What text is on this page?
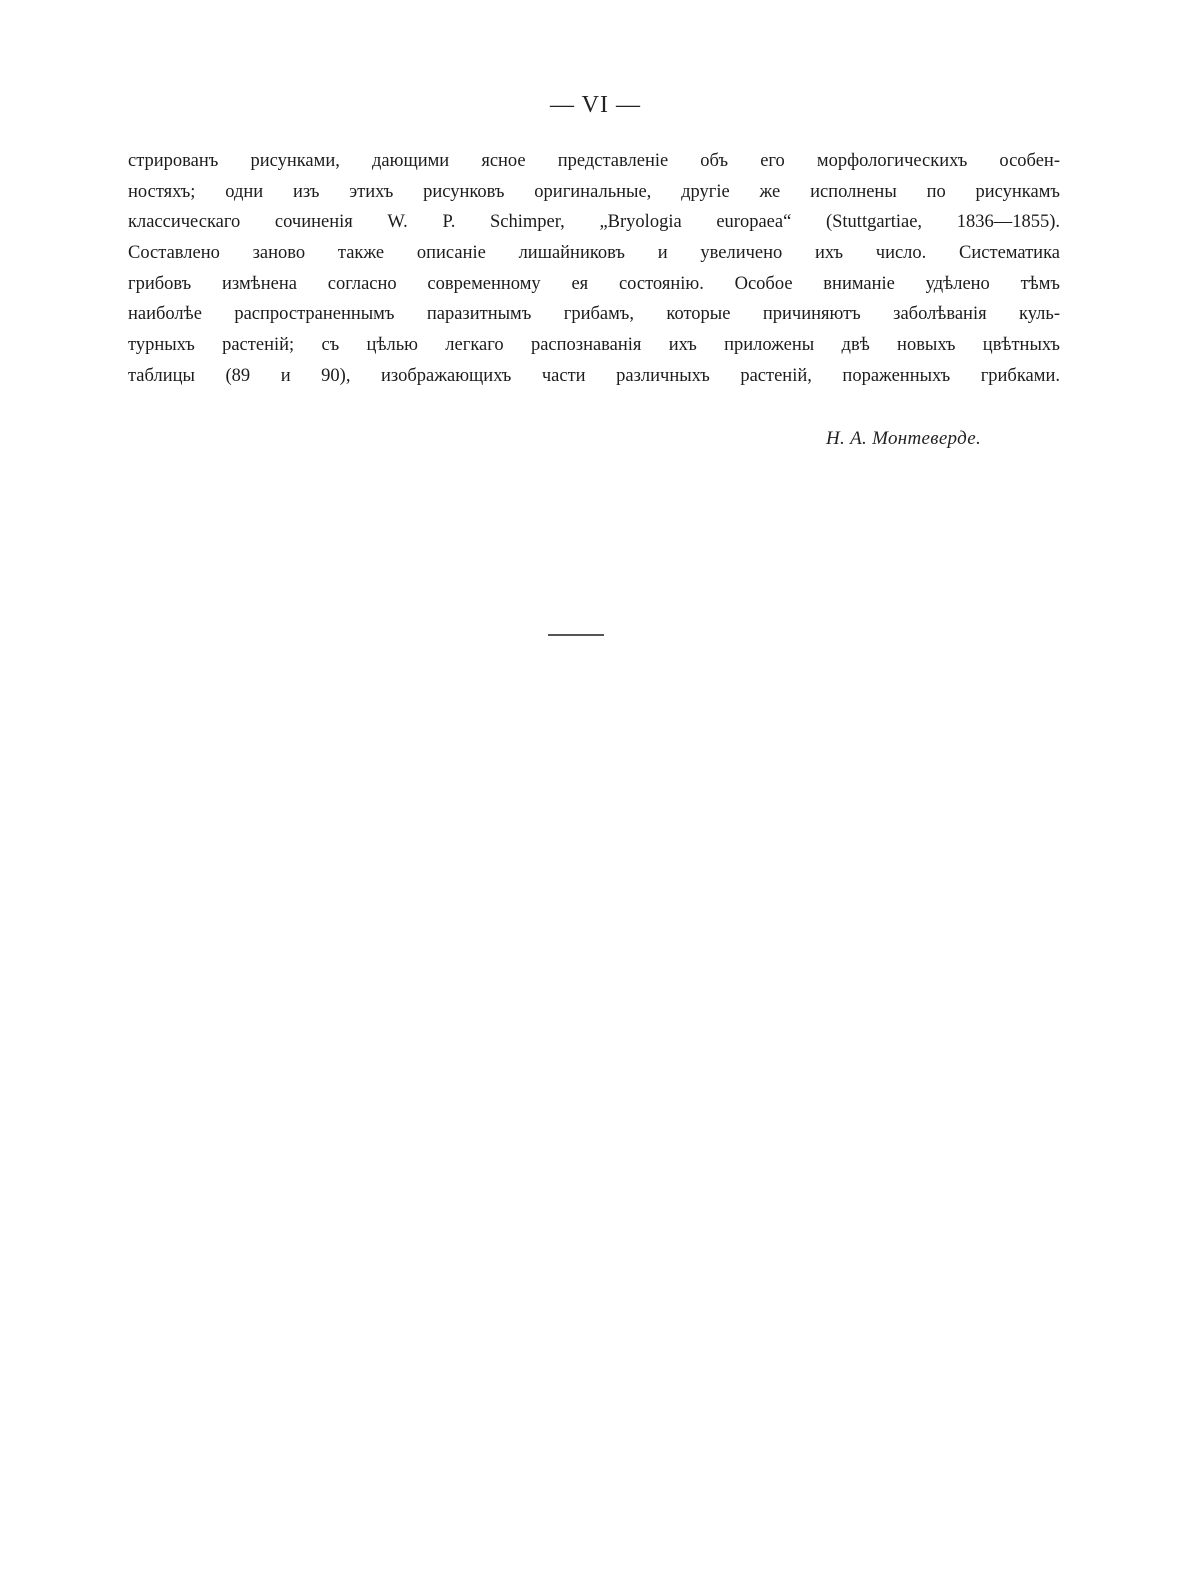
— VI —
стрированъ рисунками, дающими ясное представленіе объ его морфологическихъ особен-
ностяхъ; одни изъ этихъ рисунковъ оригинальные, другіе же исполнены по рисункамъ
классическаго сочиненія W. P. Schimper, „Bryologia europaea“ (Stuttgartiae, 1836—1855).
Составлено заново также описаніе лишайниковъ и увеличено ихъ число. Систематика
грибовъ измѣнена согласно современному ея состоянію. Особое вниманіе удѣлено тѣмъ
наиболѣе распространеннымъ паразитнымъ грибамъ, которые причиняютъ заболѣванія куль-
турныхъ растеній; съ цѣлью легкаго распознаванія ихъ приложены двѣ новыхъ цвѣтныхъ
таблицы (89 и 90), изображающихъ части различныхъ растеній, пораженныхъ грибками.
Н. А. Монтеверде.
